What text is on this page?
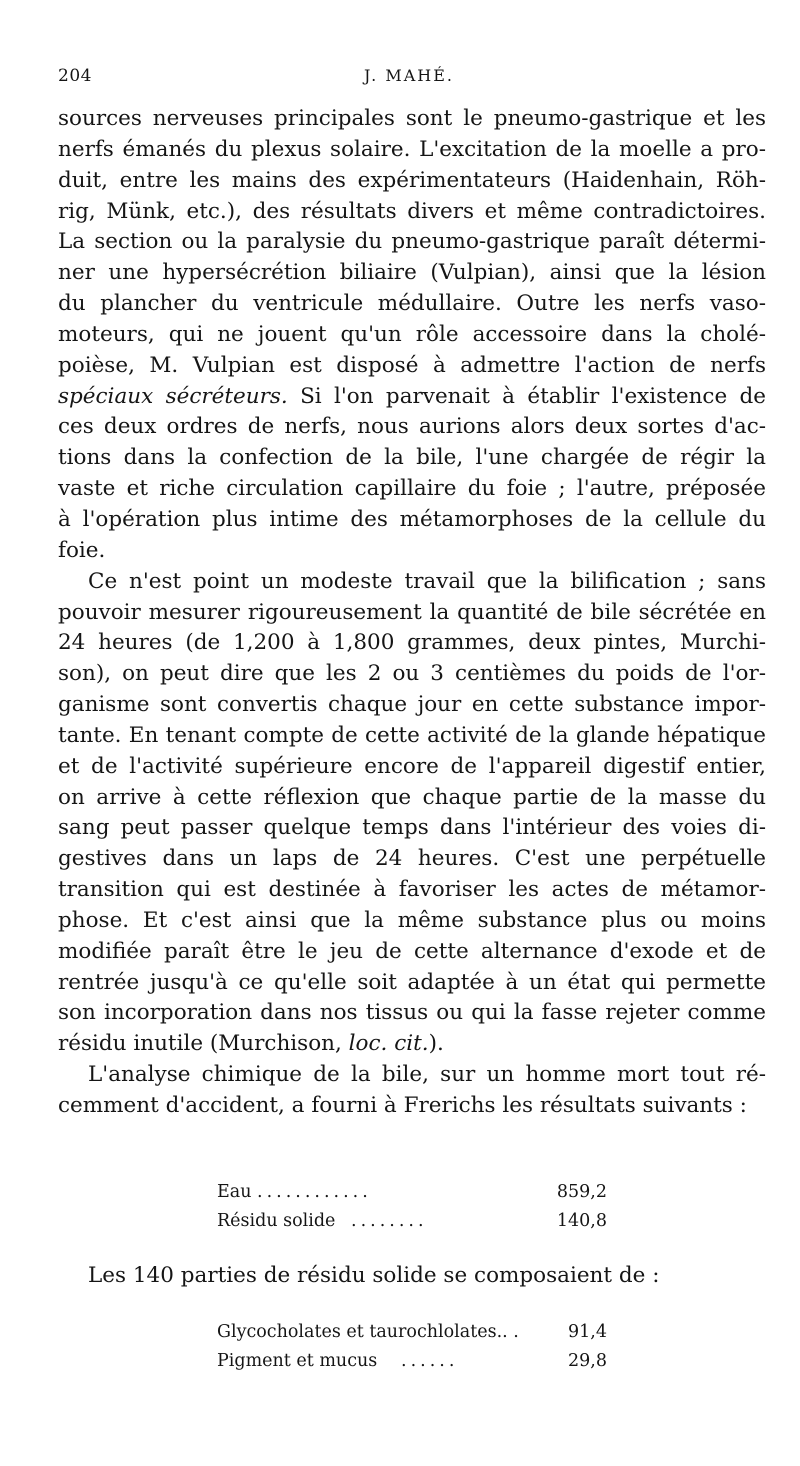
204	J. MAHÉ.
sources nerveuses principales sont le pneumo-gastrique et les
nerfs émanés du plexus solaire. L'excitation de la moelle a pro-
duit, entre les mains des expérimentateurs (Haidenhain, Röh-
rig, Münk, etc.), des résultats divers et même contradictoires.
La section ou la paralysie du pneumo-gastrique paraît détermi-
ner une hypersécrétion biliaire (Vulpian), ainsi que la lésion
du plancher du ventricule médullaire. Outre les nerfs vaso-
moteurs, qui ne jouent qu'un rôle accessoire dans la cholé-
poièse, M. Vulpian est disposé à admettre l'action de nerfs
spéciaux sécréteurs. Si l'on parvenait à établir l'existence de
ces deux ordres de nerfs, nous aurions alors deux sortes d'ac-
tions dans la confection de la bile, l'une chargée de régir la
vaste et riche circulation capillaire du foie ; l'autre, préposée
à l'opération plus intime des métamorphoses de la cellule du
foie.
Ce n'est point un modeste travail que la bilification ; sans
pouvoir mesurer rigoureusement la quantité de bile sécrétée en
24 heures (de 1,200 à 1,800 grammes, deux pintes, Murchi-
son), on peut dire que les 2 ou 3 centièmes du poids de l'or-
ganisme sont convertis chaque jour en cette substance impor-
tante. En tenant compte de cette activité de la glande hépatique
et de l'activité supérieure encore de l'appareil digestif entier,
on arrive à cette réflexion que chaque partie de la masse du
sang peut passer quelque temps dans l'intérieur des voies di-
gestives dans un laps de 24 heures. C'est une perpétuelle
transition qui est destinée à favoriser les actes de métamor-
phose. Et c'est ainsi que la même substance plus ou moins
modifiée paraît être le jeu de cette alternance d'exode et de
rentrée jusqu'à ce qu'elle soit adaptée à un état qui permette
son incorporation dans nos tissus ou qui la fasse rejeter comme
résidu inutile (Murchison, loc. cit.).
L'analyse chimique de la bile, sur un homme mort tout ré-
cemment d'accident, a fourni à Frerichs les résultats suivants :
Eau ............	859,2
Résidu solide ........	140,8
Les 140 parties de résidu solide se composaient de :
Glycocholates et taurochlolates.. .	91,4
Pigment et mucus ......	29,8
